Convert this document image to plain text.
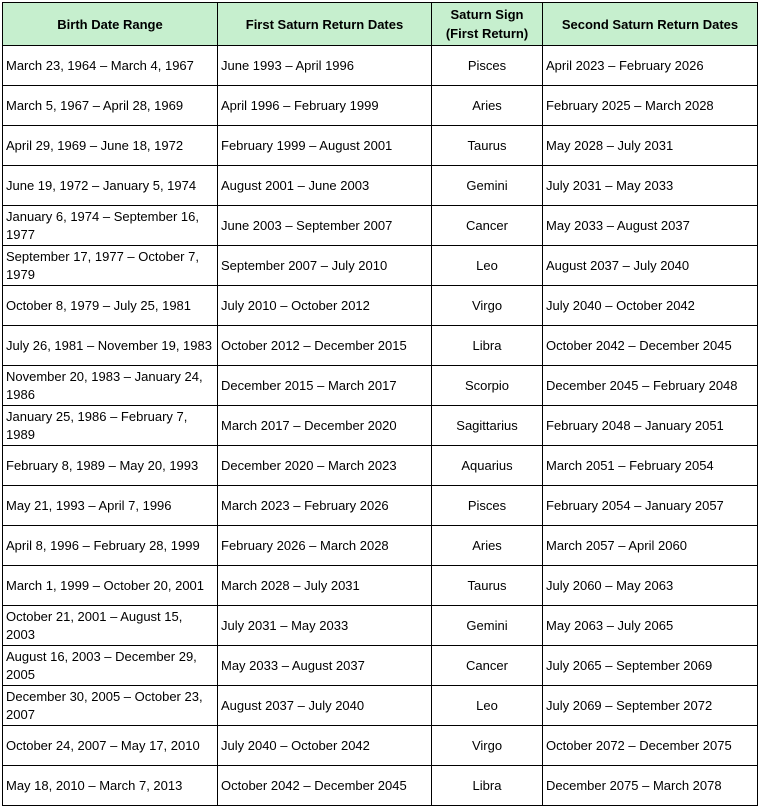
Birth Date Range	First Saturn Return Dates	Saturn Sign (First Return)	Second Saturn Return Dates
March 23, 1964 – March 4, 1967	June 1993 – April 1996	Pisces	April 2023 – February 2026
March 5, 1967 – April 28, 1969	April 1996 – February 1999	Aries	February 2025 – March 2028
April 29, 1969 – June 18, 1972	February 1999 – August 2001	Taurus	May 2028 – July 2031
June 19, 1972 – January 5, 1974	August 2001 – June 2003	Gemini	July 2031 – May 2033
January 6, 1974 – September 16, 1977	June 2003 – September 2007	Cancer	May 2033 – August 2037
September 17, 1977 – October 7, 1979	September 2007 – July 2010	Leo	August 2037 – July 2040
October 8, 1979 – July 25, 1981	July 2010 – October 2012	Virgo	July 2040 – October 2042
July 26, 1981 – November 19, 1983	October 2012 – December 2015	Libra	October 2042 – December 2045
November 20, 1983 – January 24, 1986	December 2015 – March 2017	Scorpio	December 2045 – February 2048
January 25, 1986 – February 7, 1989	March 2017 – December 2020	Sagittarius	February 2048 – January 2051
February 8, 1989 – May 20, 1993	December 2020 – March 2023	Aquarius	March 2051 – February 2054
May 21, 1993 – April 7, 1996	March 2023 – February 2026	Pisces	February 2054 – January 2057
April 8, 1996 – February 28, 1999	February 2026 – March 2028	Aries	March 2057 – April 2060
March 1, 1999 – October 20, 2001	March 2028 – July 2031	Taurus	July 2060 – May 2063
October 21, 2001 – August 15, 2003	July 2031 – May 2033	Gemini	May 2063 – July 2065
August 16, 2003 – December 29, 2005	May 2033 – August 2037	Cancer	July 2065 – September 2069
December 30, 2005 – October 23, 2007	August 2037 – July 2040	Leo	July 2069 – September 2072
October 24, 2007 – May 17, 2010	July 2040 – October 2042	Virgo	October 2072 – December 2075
May 18, 2010 – March 7, 2013	October 2042 – December 2045	Libra	December 2075 – March 2078
